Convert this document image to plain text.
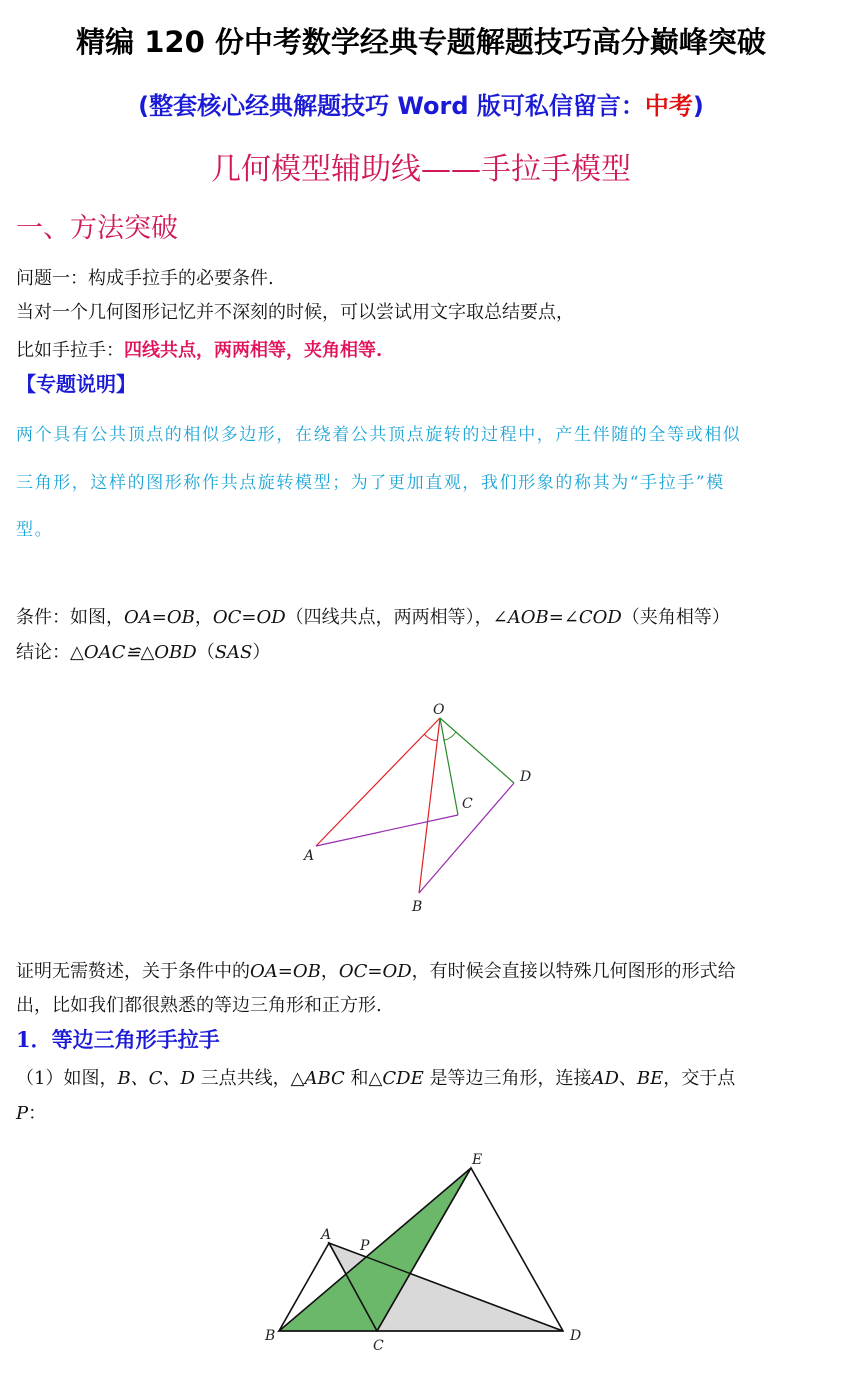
精编 120 份中考数学经典专题解题技巧高分巅峰突破
(整套核心经典解题技巧 Word 版可私信留言：中考)
几何模型辅助线——手拉手模型
一、方法突破
问题一：构成手拉手的必要条件.
当对一个几何图形记忆并不深刻的时候，可以尝试用文字取总结要点，
比如手拉手：四线共点，两两相等，夹角相等.
【专题说明】
两个具有公共顶点的相似多边形，在绕着公共顶点旋转的过程中，产生伴随的全等或相似
三角形，这样的图形称作共点旋转模型；为了更加直观，我们形象的称其为“手拉手”模
型。
条件：如图，OA=OB，OC=OD（四线共点，两两相等），∠AOB=∠COD（夹角相等）
结论：△OAC≌△OBD（SAS）
O
A
B
C
D
证明无需赘述，关于条件中的OA=OB，OC=OD，有时候会直接以特殊几何图形的形式给
出，比如我们都很熟悉的等边三角形和正方形.
1．等边三角形手拉手
（1）如图，B、C、D 三点共线，△ABC 和△CDE 是等边三角形，连接AD、BE，交于点
P：
A
B
C
D
E
P
